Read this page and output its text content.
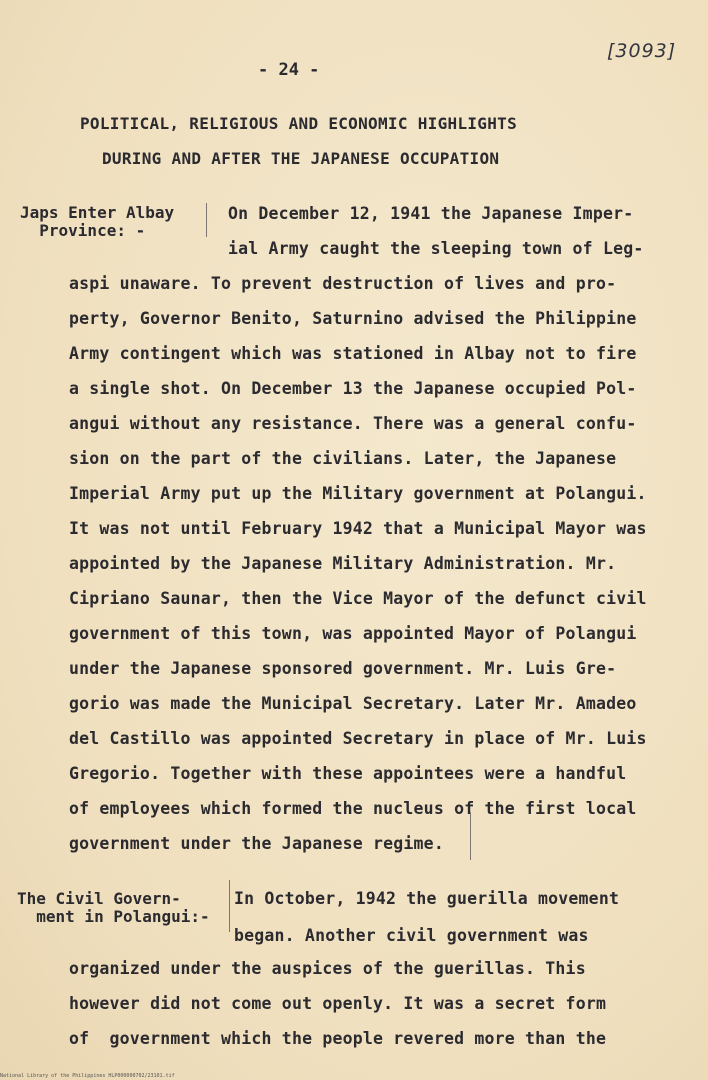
[3093]
- 24 -
POLITICAL, RELIGIOUS AND ECONOMIC HIGHLIGHTS
DURING AND AFTER THE JAPANESE OCCUPATION
Japs Enter Albay
Province: -
On December 12, 1941 the Japanese Imper-
ial Army caught the sleeping town of Leg-
aspi unaware. To prevent destruction of lives and pro-
perty, Governor Benito, Saturnino advised the Philippine
Army contingent which was stationed in Albay not to fire
a single shot. On December 13 the Japanese occupied Pol-
angui without any resistance. There was a general confu-
sion on the part of the civilians. Later, the Japanese
Imperial Army put up the Military government at Polangui.
It was not until February 1942 that a Municipal Mayor was
appointed by the Japanese Military Administration. Mr.
Cipriano Saunar, then the Vice Mayor of the defunct civil
government of this town, was appointed Mayor of Polangui
under the Japanese sponsored government. Mr. Luis Gre-
gorio was made the Municipal Secretary. Later Mr. Amadeo
del Castillo was appointed Secretary in place of Mr. Luis
Gregorio. Together with these appointees were a handful
of employees which formed the nucleus of the first local
government under the Japanese regime.
The Civil Govern-
ment in Polangui:-
In October, 1942 the guerilla movement
began. Another civil government was
organized under the auspices of the guerillas. This
however did not come out openly. It was a secret form
of  government which the people revered more than the
National Library of the Philippines HLP000000702/23101.tif
